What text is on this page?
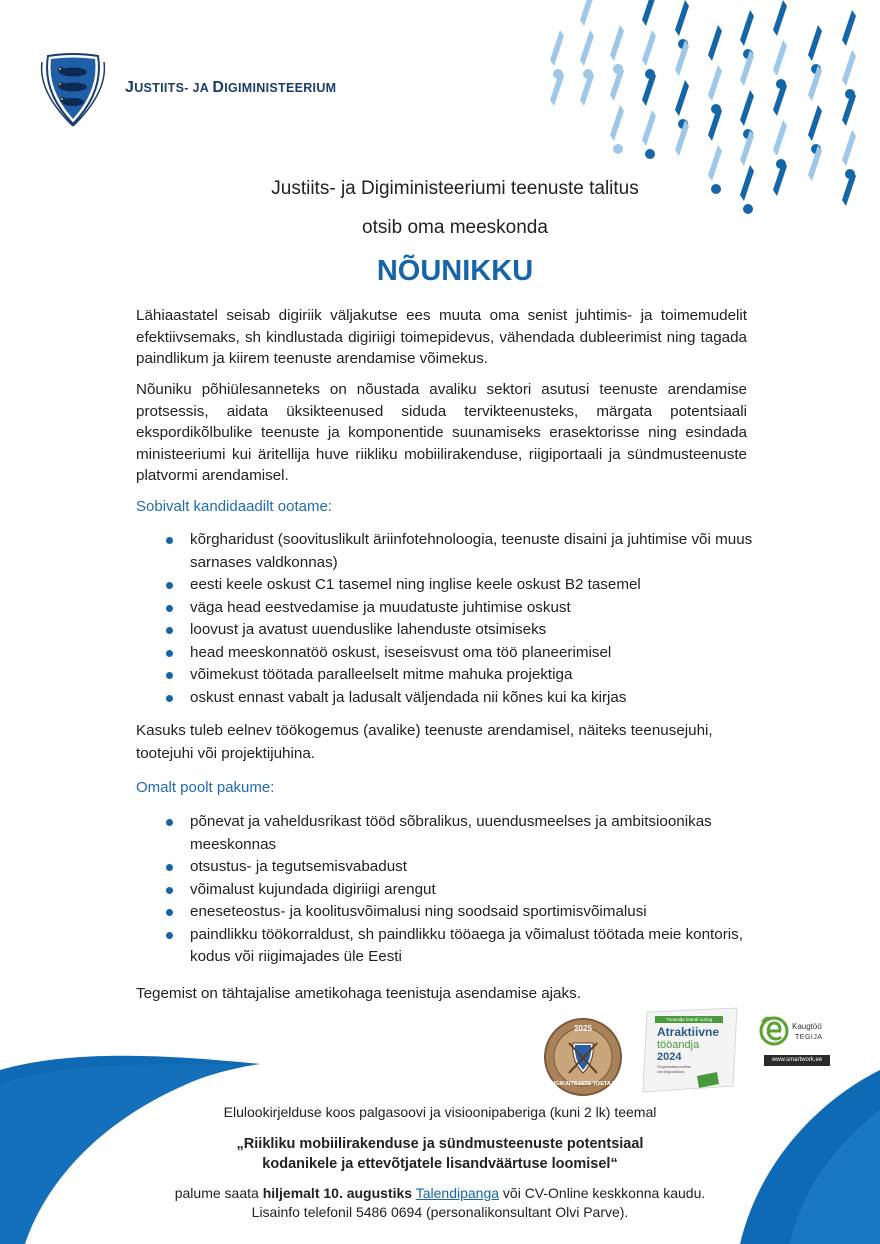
JUSTIITS- JA DIGIMINISTEERIUM
Justiits- ja Digiministeeriumi teenuste talitus
otsib oma meeskonda
NÕUNIKKU
Lähiaastatel seisab digiriik väljakutse ees muuta oma senist juhtimis- ja toimemudelit efektiivsemaks, sh kindlustada digiriigi toimepidevus, vähendada dubleerimist ning tagada paindlikum ja kiirem teenuste arendamise võimekus.
Nõuniku põhiülesanneteks on nõustada avaliku sektori asutusi teenuste arendamise protsessis, aidata üksikteenused siduda tervikteenusteks, märgata potentsiaali ekspordikõlbulike teenuste ja komponentide suunamiseks erasektorisse ning esindada ministeeriumi kui äritellija huve riikliku mobiilirakenduse, riigiportaali ja sündmusteenuste platvormi arendamisel.
Sobivalt kandidaadilt ootame:
kõrgharidust (soovituslikult äriinfotehnoloogia, teenuste disaini ja juhtimise või muus sarnases valdkonnas)
eesti keele oskust C1 tasemel ning inglise keele oskust B2 tasemel
väga head eestvedamise ja muudatuste juhtimise oskust
loovust ja avatust uuenduslike lahenduste otsimiseks
head meeskonnatöö oskust, iseseisvust oma töö planeerimisel
võimekust töötada paralleelselt mitme mahuka projektiga
oskust ennast vabalt ja ladusalt väljendada nii kõnes kui ka kirjas
Kasuks tuleb eelnev töökogemus (avalike) teenuste arendamisel, näiteks teenusejuhi, tootejuhi või projektijuhina.
Omalt poolt pakume:
põnevat ja vaheldusrikast tööd sõbralikus, uuendusmeelses ja ambitsioonikas meeskonnas
otsustus- ja tegutsemisvabadust
võimalust kujundada digiriigi arengut
eneseteostus- ja koolitusvõimalusi ning soodsaid sportimisvõimalusi
paindlikku töökorraldust, sh paindlikku tööaega ja võimalust töötada meie kontoris, kodus või riigimajades üle Eesti
Tegemist on tähtajalise ametikohaga teenistuja asendamise ajaks.
2025
RIIGIKAITSJATE TOETAJA
Tööandja brändi uuring
Atraktiivne
tööandja
2024
Organisatsiooniline võrdõiguslikkus
Kaugtöö
TEGIJA
www.smartwork.ee
Elulookirjelduse koos palgasoovi ja visioonipaberiga (kuni 2 lk) teemal
„Riikliku mobiilirakenduse ja sündmusteenuste potentsiaal
kodanikele ja ettevõtjatele lisandväärtuse loomisel“
palume saata hiljemalt 10. augustiks Talendipanga või CV-Online keskkonna kaudu.
Lisainfo telefonil 5486 0694 (personalikonsultant Olvi Parve).
